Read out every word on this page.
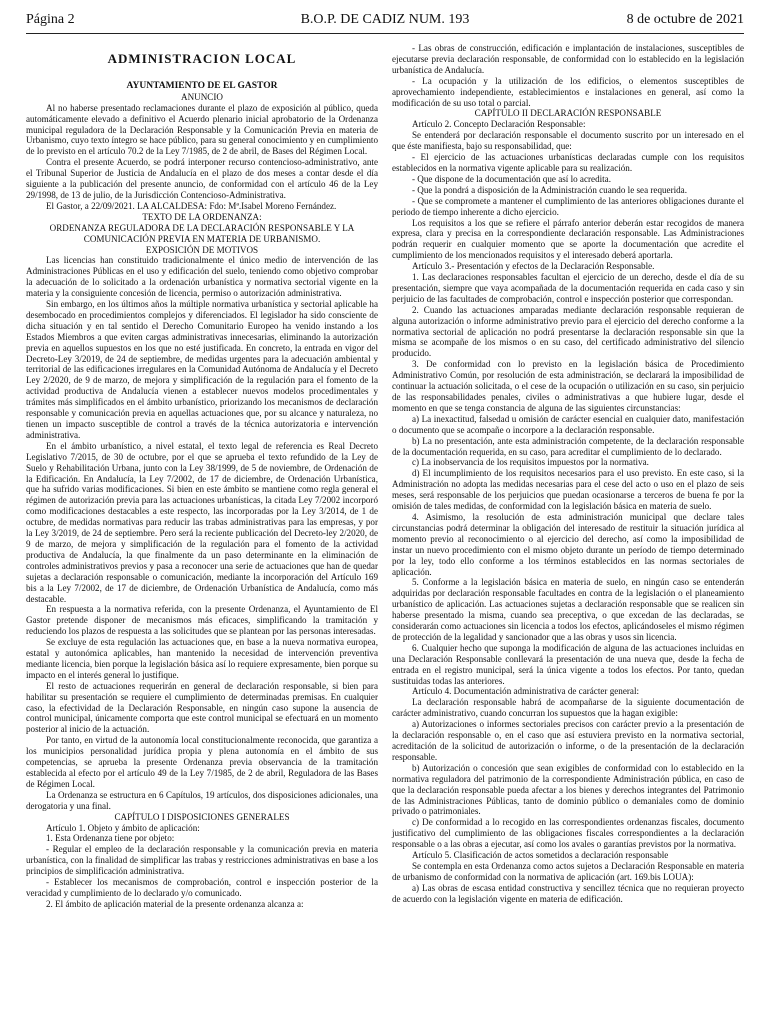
Página 2	B.O.P. DE CADIZ NUM. 193	8 de octubre de 2021

ADMINISTRACION LOCAL

AYUNTAMIENTO DE EL GASTOR

ANUNCIO

Al no haberse presentado reclamaciones durante el plazo de exposición al público, queda automáticamente elevado a definitivo el Acuerdo plenario inicial aprobatorio de la Ordenanza municipal reguladora de la Declaración Responsable y la Comunicación Previa en materia de Urbanismo, cuyo texto íntegro se hace público, para su general conocimiento y en cumplimiento de lo previsto en el artículo 70.2 de la Ley 7/1985, de 2 de abril, de Bases del Régimen Local.

Contra el presente Acuerdo, se podrá interponer recurso contencioso-administrativo, ante el Tribunal Superior de Justicia de Andalucía en el plazo de dos meses a contar desde el día siguiente a la publicación del presente anuncio, de conformidad con el artículo 46 de la Ley 29/1998, de 13 de julio, de la Jurisdicción Contencioso-Administrativa.

El Gastor, a 22/09/2021. LA ALCALDESA: Fdo: Mª.Isabel Moreno Fernández.

TEXTO DE LA ORDENANZA:

ORDENANZA REGULADORA DE LA DECLARACIÓN RESPONSABLE Y LA COMUNICACIÓN PREVIA EN MATERIA DE URBANISMO.

EXPOSICIÓN DE MOTIVOS

Las licencias han constituido tradicionalmente el único medio de intervención de las Administraciones Públicas en el uso y edificación del suelo, teniendo como objetivo comprobar la adecuación de lo solicitado a la ordenación urbanística y normativa sectorial vigente en la materia y la consiguiente concesión de licencia, permiso o autorización administrativa.

Sin embargo, en los últimos años la múltiple normativa urbanística y sectorial aplicable ha desembocado en procedimientos complejos y diferenciados. El legislador ha sido consciente de dicha situación y en tal sentido el Derecho Comunitario Europeo ha venido instando a los Estados Miembros a que eviten cargas administrativas innecesarias, eliminando la autorización previa en aquellos supuestos en los que no esté justificada. En concreto, la entrada en vigor del Decreto-Ley 3/2019, de 24 de septiembre, de medidas urgentes para la adecuación ambiental y territorial de las edificaciones irregulares en la Comunidad Autónoma de Andalucía y el Decreto Ley 2/2020, de 9 de marzo, de mejora y simplificación de la regulación para el fomento de la actividad productiva de Andalucía vienen a establecer nuevos modelos procedimentales y trámites más simplificados en el ámbito urbanístico, priorizando los mecanismos de declaración responsable y comunicación previa en aquellas actuaciones que, por su alcance y naturaleza, no tienen un impacto susceptible de control a través de la técnica autorizatoria e intervención administrativa.

En el ámbito urbanístico, a nivel estatal, el texto legal de referencia es Real Decreto Legislativo 7/2015, de 30 de octubre, por el que se aprueba el texto refundido de la Ley de Suelo y Rehabilitación Urbana, junto con la Ley 38/1999, de 5 de noviembre, de Ordenación de la Edificación. En Andalucía, la Ley 7/2002, de 17 de diciembre, de Ordenación Urbanística, que ha sufrido varias modificaciones. Si bien en este ámbito se mantiene como regla general el régimen de autorización previa para las actuaciones urbanísticas, la citada Ley 7/2002 incorporó como modificaciones destacables a este respecto, las incorporadas por la Ley 3/2014, de 1 de octubre, de medidas normativas para reducir las trabas administrativas para las empresas, y por la Ley 3/2019, de 24 de septiembre. Pero será la reciente publicación del Decreto-ley 2/2020, de 9 de marzo, de mejora y simplificación de la regulación para el fomento de la actividad productiva de Andalucía, la que finalmente da un paso determinante en la eliminación de controles administrativos previos y pasa a reconocer una serie de actuaciones que han de quedar sujetas a declaración responsable o comunicación, mediante la incorporación del Artículo 169 bis a la Ley 7/2002, de 17 de diciembre, de Ordenación Urbanística de Andalucía, como más destacable.

En respuesta a la normativa referida, con la presente Ordenanza, el Ayuntamiento de El Gastor pretende disponer de mecanismos más eficaces, simplificando la tramitación y reduciendo los plazos de respuesta a las solicitudes que se plantean por las personas interesadas.

Se excluye de esta regulación las actuaciones que, en base a la nueva normativa europea, estatal y autonómica aplicables, han mantenido la necesidad de intervención preventiva mediante licencia, bien porque la legislación básica así lo requiere expresamente, bien porque su impacto en el interés general lo justifique.

El resto de actuaciones requerirán en general de declaración responsable, si bien para habilitar su presentación se requiere el cumplimiento de determinadas premisas. En cualquier caso, la efectividad de la Declaración Responsable, en ningún caso supone la ausencia de control municipal, únicamente comporta que este control municipal se efectuará en un momento posterior al inicio de la actuación.

Por tanto, en virtud de la autonomía local constitucionalmente reconocida, que garantiza a los municipios personalidad jurídica propia y plena autonomía en el ámbito de sus competencias, se aprueba la presente Ordenanza previa observancia de la tramitación establecida al efecto por el artículo 49 de la Ley 7/1985, de 2 de abril, Reguladora de las Bases de Régimen Local.

La Ordenanza se estructura en 6 Capítulos, 19 artículos, dos disposiciones adicionales, una derogatoria y una final.

CAPÍTULO I DISPOSICIONES GENERALES

Artículo 1. Objeto y ámbito de aplicación:

1. Esta Ordenanza tiene por objeto:

- Regular el empleo de la declaración responsable y la comunicación previa en materia urbanística, con la finalidad de simplificar las trabas y restricciones administrativas en base a los principios de simplificación administrativa.

- Establecer los mecanismos de comprobación, control e inspección posterior de la veracidad y cumplimiento de lo declarado y/o comunicado.

2. El ámbito de aplicación material de la presente ordenanza alcanza a:

- Las obras de construcción, edificación e implantación de instalaciones, susceptibles de ejecutarse previa declaración responsable, de conformidad con lo establecido en la legislación urbanística de Andalucía.

- La ocupación y la utilización de los edificios, o elementos susceptibles de aprovechamiento independiente, establecimientos e instalaciones en general, así como la modificación de su uso total o parcial.

CAPÍTULO II DECLARACIÓN RESPONSABLE

Artículo 2. Concepto Declaración Responsable:

Se entenderá por declaración responsable el documento suscrito por un interesado en el que éste manifiesta, bajo su responsabilidad, que:

- El ejercicio de las actuaciones urbanísticas declaradas cumple con los requisitos establecidos en la normativa vigente aplicable para su realización.

- Que dispone de la documentación que así lo acredita.

- Que la pondrá a disposición de la Administración cuando le sea requerida.

- Que se compromete a mantener el cumplimiento de las anteriores obligaciones durante el periodo de tiempo inherente a dicho ejercicio.

Los requisitos a los que se refiere el párrafo anterior deberán estar recogidos de manera expresa, clara y precisa en la correspondiente declaración responsable. Las Administraciones podrán requerir en cualquier momento que se aporte la documentación que acredite el cumplimiento de los mencionados requisitos y el interesado deberá aportarla.

Artículo 3.- Presentación y efectos de la Declaración Responsable.

1. Las declaraciones responsables facultan el ejercicio de un derecho, desde el día de su presentación, siempre que vaya acompañada de la documentación requerida en cada caso y sin perjuicio de las facultades de comprobación, control e inspección posterior que correspondan.

2. Cuando las actuaciones amparadas mediante declaración responsable requieran de alguna autorización o informe administrativo previo para el ejercicio del derecho conforme a la normativa sectorial de aplicación no podrá presentarse la declaración responsable sin que la misma se acompañe de los mismos o en su caso, del certificado administrativo del silencio producido.

3. De conformidad con lo previsto en la legislación básica de Procedimiento Administrativo Común, por resolución de esta administración, se declarará la imposibilidad de continuar la actuación solicitada, o el cese de la ocupación o utilización en su caso, sin perjuicio de las responsabilidades penales, civiles o administrativas a que hubiere lugar, desde el momento en que se tenga constancia de alguna de las siguientes circunstancias:

a) La inexactitud, falsedad u omisión de carácter esencial en cualquier dato, manifestación o documento que se acompañe o incorpore a la declaración responsable.

b) La no presentación, ante esta administración competente, de la declaración responsable de la documentación requerida, en su caso, para acreditar el cumplimiento de lo declarado.

c) La inobservancia de los requisitos impuestos por la normativa.

d) El incumplimiento de los requisitos necesarios para el uso previsto. En este caso, si la Administración no adopta las medidas necesarias para el cese del acto o uso en el plazo de seis meses, será responsable de los perjuicios que puedan ocasionarse a terceros de buena fe por la omisión de tales medidas, de conformidad con la legislación básica en materia de suelo.

4. Asimismo, la resolución de esta administración municipal que declare tales circunstancias podrá determinar la obligación del interesado de restituir la situación jurídica al momento previo al reconocimiento o al ejercicio del derecho, así como la imposibilidad de instar un nuevo procedimiento con el mismo objeto durante un período de tiempo determinado por la ley, todo ello conforme a los términos establecidos en las normas sectoriales de aplicación.

5. Conforme a la legislación básica en materia de suelo, en ningún caso se entenderán adquiridas por declaración responsable facultades en contra de la legislación o el planeamiento urbanístico de aplicación. Las actuaciones sujetas a declaración responsable que se realicen sin haberse presentado la misma, cuando sea preceptiva, o que excedan de las declaradas, se considerarán como actuaciones sin licencia a todos los efectos, aplicándoseles el mismo régimen de protección de la legalidad y sancionador que a las obras y usos sin licencia.

6. Cualquier hecho que suponga la modificación de alguna de las actuaciones incluidas en una Declaración Responsable conllevará la presentación de una nueva que, desde la fecha de entrada en el registro municipal, será la única vigente a todos los efectos. Por tanto, quedan sustituidas todas las anteriores.

Artículo 4. Documentación administrativa de carácter general:

La declaración responsable habrá de acompañarse de la siguiente documentación de carácter administrativo, cuando concurran los supuestos que la hagan exigible:

a) Autorizaciones o informes sectoriales precisos con carácter previo a la presentación de la declaración responsable o, en el caso que así estuviera previsto en la normativa sectorial, acreditación de la solicitud de autorización o informe, o de la presentación de la declaración responsable.

b) Autorización o concesión que sean exigibles de conformidad con lo establecido en la normativa reguladora del patrimonio de la correspondiente Administración pública, en caso de que la declaración responsable pueda afectar a los bienes y derechos integrantes del Patrimonio de las Administraciones Públicas, tanto de dominio público o demaniales como de dominio privado o patrimoniales.

c) De conformidad a lo recogido en las correspondientes ordenanzas fiscales, documento justificativo del cumplimiento de las obligaciones fiscales correspondientes a la declaración responsable o a las obras a ejecutar, así como los avales o garantías previstos por la normativa.

Artículo 5. Clasificación de actos sometidos a declaración responsable

Se contempla en esta Ordenanza como actos sujetos a Declaración Responsable en materia de urbanismo de conformidad con la normativa de aplicación (art. 169.bis LOUA):

a) Las obras de escasa entidad constructiva y sencillez técnica que no requieran proyecto de acuerdo con la legislación vigente en materia de edificación.
